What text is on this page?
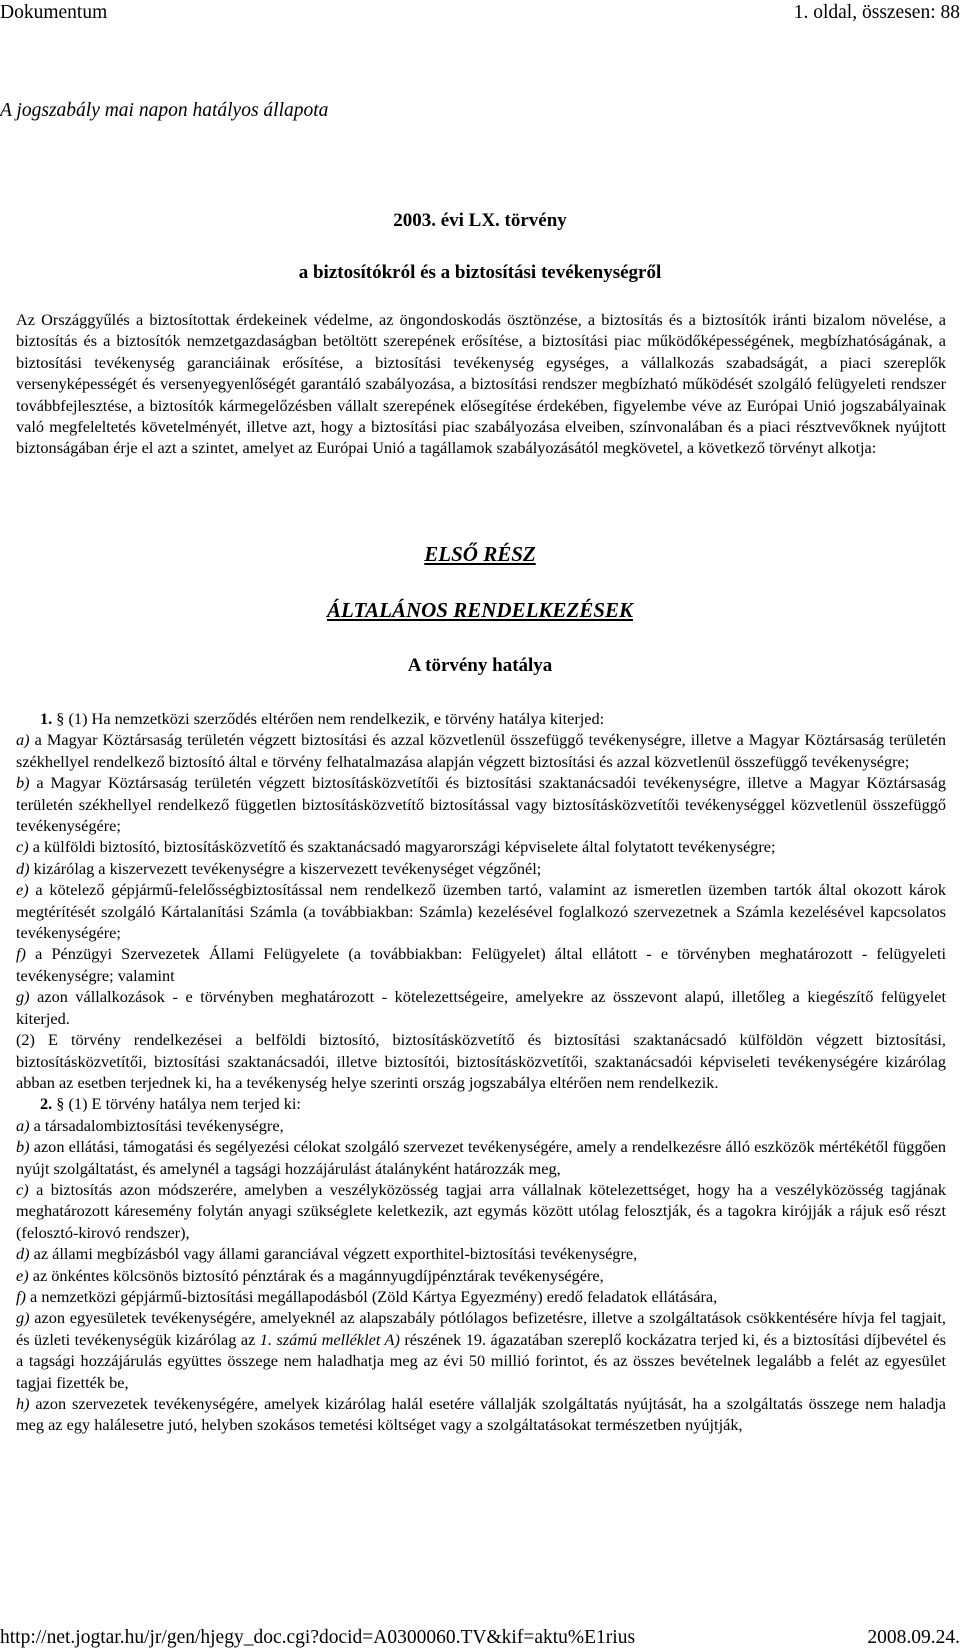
Dokumentum	1. oldal, összesen: 88
A jogszabály mai napon hatályos állapota
2003. évi LX. törvény
a biztosítókról és a biztosítási tevékenységről

Az Országgyűlés a biztosítottak érdekeinek védelme, az öngondoskodás ösztönzése, a biztosítás és a biztosítók iránti bizalom növelése, a biztosítás és a biztosítók nemzetgazdaságban betöltött szerepének erősítése, a biztosítási piac működőképességének, megbízhatóságának, a biztosítási tevékenység garanciáinak erősítése, a biztosítási tevékenység egységes, a vállalkozás szabadságát, a piaci szereplők versenyképességét és versenyegyenlőségét garantáló szabályozása, a biztosítási rendszer megbízható működését szolgáló felügyeleti rendszer továbbfejlesztése, a biztosítók kármegelőzésben vállalt szerepének elősegítése érdekében, figyelembe véve az Európai Unió jogszabályainak való megfeleltetés követelményét, illetve azt, hogy a biztosítási piac szabályozása elveiben, színvonalában és a piaci résztvevőknek nyújtott biztonságában érje el azt a szintet, amelyet az Európai Unió a tagállamok szabályozásától megkövetel, a következő törvényt alkotja:

ELSŐ RÉSZ
ÁLTALÁNOS RENDELKEZÉSEK
A törvény hatálya

1. § (1) Ha nemzetközi szerződés eltérően nem rendelkezik, e törvény hatálya kiterjed:

a) a Magyar Köztársaság területén végzett biztosítási és azzal közvetlenül összefüggő tevékenységre, illetve a Magyar Köztársaság területén székhellyel rendelkező biztosító által e törvény felhatalmazása alapján végzett biztosítási és azzal közvetlenül összefüggő tevékenységre;

b) a Magyar Köztársaság területén végzett biztosításközvetítői és biztosítási szaktanácsadói tevékenységre, illetve a Magyar Köztársaság területén székhellyel rendelkező független biztosításközvetítő biztosítással vagy biztosításközvetítői tevékenységgel közvetlenül összefüggő tevékenységére;

c) a külföldi biztosító, biztosításközvetítő és szaktanácsadó magyarországi képviselete által folytatott tevékenységre;

d) kizárólag a kiszervezett tevékenységre a kiszervezett tevékenységet végzőnél;

e) a kötelező gépjármű-felelősségbiztosítással nem rendelkező üzemben tartó, valamint az ismeretlen üzemben tartók által okozott károk megtérítését szolgáló Kártalanítási Számla (a továbbiakban: Számla) kezelésével foglalkozó szervezetnek a Számla kezelésével kapcsolatos tevékenységére;

f) a Pénzügyi Szervezetek Állami Felügyelete (a továbbiakban: Felügyelet) által ellátott - e törvényben meghatározott - felügyeleti tevékenységre; valamint

g) azon vállalkozások - e törvényben meghatározott - kötelezettségeire, amelyekre az összevont alapú, illetőleg a kiegészítő felügyelet kiterjed.

(2) E törvény rendelkezései a belföldi biztosító, biztosításközvetítő és biztosítási szaktanácsadó külföldön végzett biztosítási, biztosításközvetítői, biztosítási szaktanácsadói, illetve biztosítói, biztosításközvetítői, szaktanácsadói képviseleti tevékenységére kizárólag abban az esetben terjednek ki, ha a tevékenység helye szerinti ország jogszabálya eltérően nem rendelkezik.

2. § (1) E törvény hatálya nem terjed ki:

a) a társadalombiztosítási tevékenységre,

b) azon ellátási, támogatási és segélyezési célokat szolgáló szervezet tevékenységére, amely a rendelkezésre álló eszközök mértékétől függően nyújt szolgáltatást, és amelynél a tagsági hozzájárulást átalányként határozzák meg,

c) a biztosítás azon módszerére, amelyben a veszélyközösség tagjai arra vállalnak kötelezettséget, hogy ha a veszélyközösség tagjának meghatározott káresemény folytán anyagi szükséglete keletkezik, azt egymás között utólag felosztják, és a tagokra kirójják a rájuk eső részt (felosztó-kirovó rendszer),

d) az állami megbízásból vagy állami garanciával végzett exporthitel-biztosítási tevékenységre,

e) az önkéntes kölcsönös biztosító pénztárak és a magánnyugdíjpénztárak tevékenységére,

f) a nemzetközi gépjármű-biztosítási megállapodásból (Zöld Kártya Egyezmény) eredő feladatok ellátására,

g) azon egyesületek tevékenységére, amelyeknél az alapszabály pótlólagos befizetésre, illetve a szolgáltatások csökkentésére hívja fel tagjait, és üzleti tevékenységük kizárólag az 1. számú melléklet A) részének 19. ágazatában szereplő kockázatra terjed ki, és a biztosítási díjbevétel és a tagsági hozzájárulás együttes összege nem haladhatja meg az évi 50 millió forintot, és az összes bevételnek legalább a felét az egyesület tagjai fizették be,

h) azon szervezetek tevékenységére, amelyek kizárólag halál esetére vállalják szolgáltatás nyújtását, ha a szolgáltatás összege nem haladja meg az egy halálesetre jutó, helyben szokásos temetési költséget vagy a szolgáltatásokat természetben nyújtják,

http://net.jogtar.hu/jr/gen/hjegy_doc.cgi?docid=A0300060.TV&kif=aktu%E1rius	2008.09.24.
